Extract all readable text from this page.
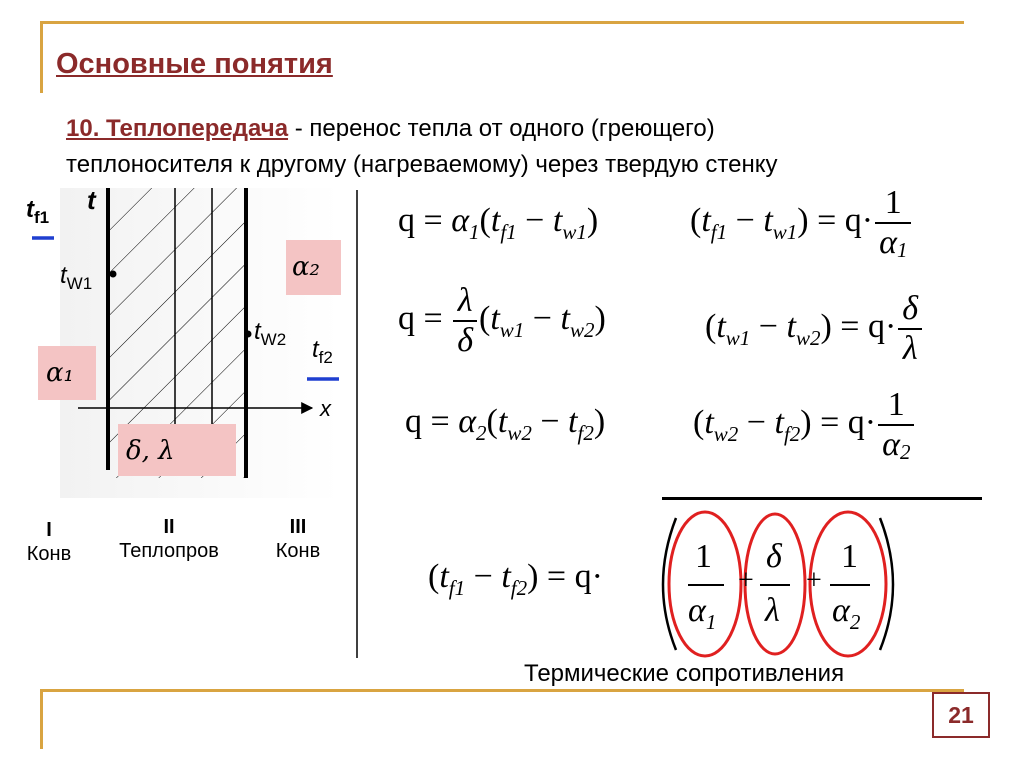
Основные понятия
10. Теплопередача - перенос тепла от одного (греющего)
теплоносителя к другому (нагреваемому) через твердую стенку
t
x
$t_{f1}$
$t_{W1}$
$t_{W2}$ $t_{f2}$
α₁
α₂
δ, λ
I
Конв
II
Теплопров
III
Конв
$q = \alpha_1(t_{f1} - t_{w1})$
$q = \frac{\lambda}{\delta} (t_{w1} - t_{w2})$
$q = \alpha_2(t_{w2} - t_{f2})$
$(t_{f1} - t_{w1}) = q\cdot \frac{1}{\alpha 1}$
$(t_{w1} - t_{w2}) = q\cdot \frac{\delta}{\lambda}$
$(t_{w2} - t_{f2}) = q\cdot \frac{1}{\alpha 2}$
$(t_{f1} - t_{f2}) = q\cdot$
1
$\alpha_1$
+
δ
λ
+
1
$\alpha_2$
Термические сопротивления
21
